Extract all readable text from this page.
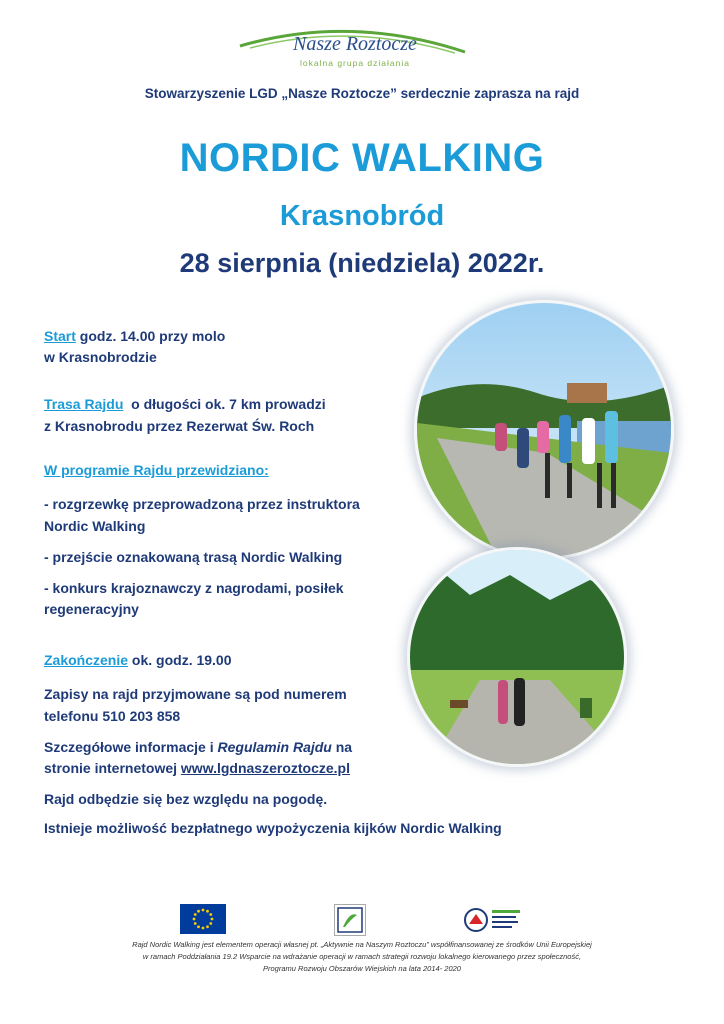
Nasze Roztocze
lokalna grupa działania
Stowarzyszenie LGD „Nasze Roztocze” serdecznie zaprasza na rajd
NORDIC WALKING
Krasnobród
28 sierpnia (niedziela) 2022r.
Start godz. 14.00 przy molo
w Krasnobrodzie
Trasa Rajdu  o długości ok. 7 km prowadzi
z Krasnobrodu przez Rezerwat Św. Roch
W programie Rajdu przewidziano:
- rozgrzewkę przeprowadzoną przez instruktora
Nordic Walking
- przejście oznakowaną trasą Nordic Walking
- konkurs krajoznawczy z nagrodami, posiłek
regeneracyjny
Zakończenie ok. godz. 19.00
Zapisy na rajd przyjmowane są pod numerem
telefonu 510 203 858
Szczegółowe informacje i Regulamin Rajdu na
stronie internetowej www.lgdnaszeroztocze.pl
Rajd odbędzie się bez względu na pogodę.
Istnieje możliwość bezpłatnego wypożyczenia kijków Nordic Walking
Rajd Nordic Walking jest elementem operacji własnej pt. „Aktywnie na Naszym Roztoczu” współfinansowanej ze środków Unii Europejskiej
w ramach Poddziałania 19.2 Wsparcie na wdrażanie operacji w ramach strategii rozwoju lokalnego kierowanego przez społeczność,
Programu Rozwoju Obszarów Wiejskich na lata 2014- 2020
